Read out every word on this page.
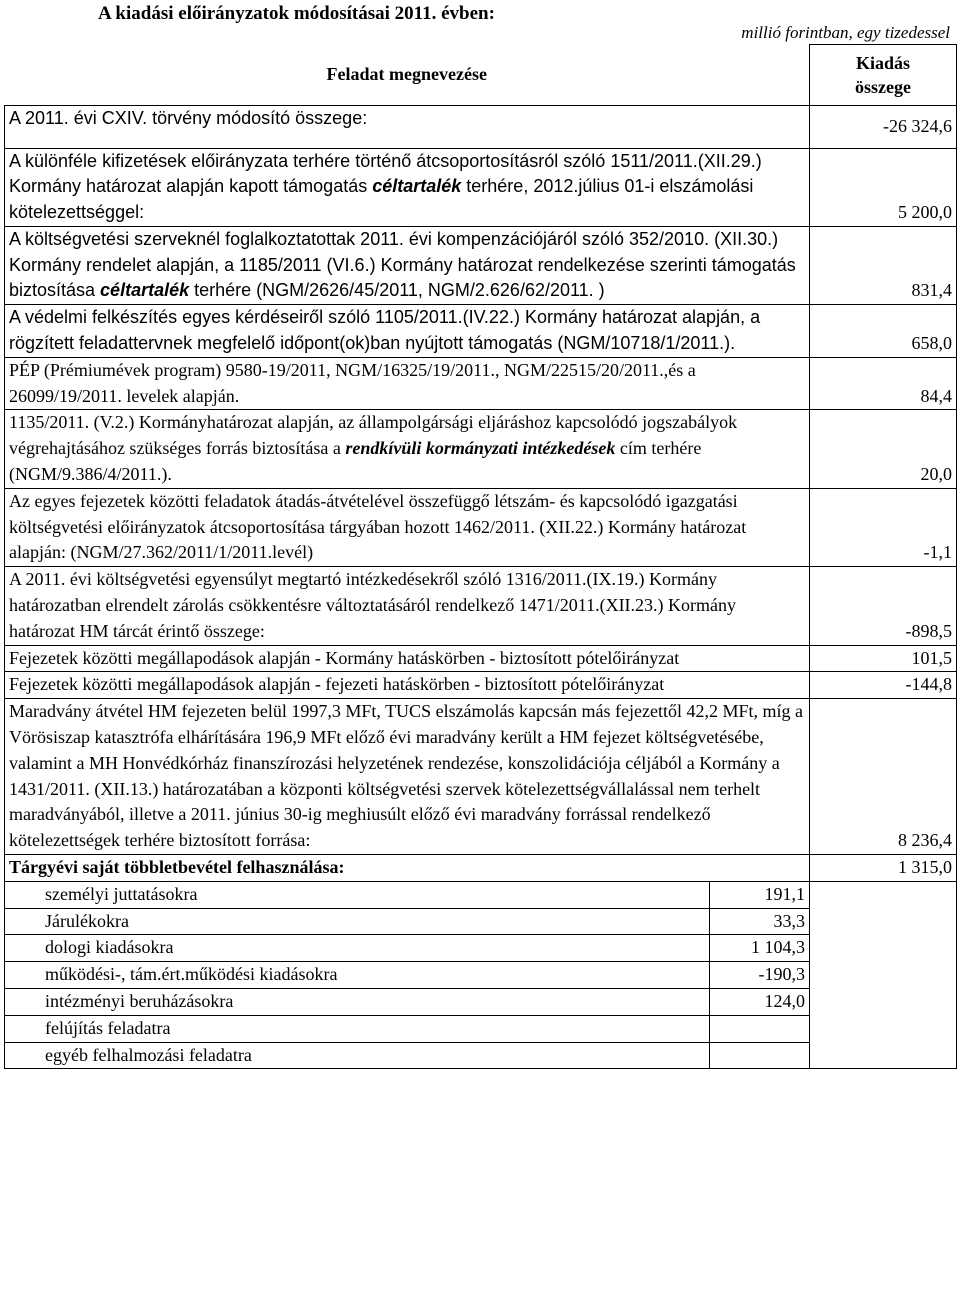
A kiadási előirányzatok módosításai 2011. évben:
millió forintban, egy tizedessel
Feladat megnevezése		Kiadás
összege
A 2011. évi CXIV. törvény módosító összege:		-26 324,6
A különféle kifizetések előirányzata terhére történő átcsoportosításról szóló 1511/2011.(XII.29.) Kormány határozat alapján kapott támogatás céltartalék terhére, 2012.július 01-i elszámolási kötelezettséggel:		5 200,0
A költségvetési szerveknél foglalkoztatottak 2011. évi kompenzációjáról szóló 352/2010. (XII.30.) Kormány rendelet alapján, a 1185/2011 (VI.6.) Kormány határozat rendelkezése szerinti támogatás biztosítása céltartalék terhére (NGM/2626/45/2011, NGM/2.626/62/2011. )		831,4
A védelmi felkészítés egyes kérdéseiről szóló 1105/2011.(IV.22.) Kormány határozat alapján, a rögzített feladattervnek megfelelő időpont(ok)ban nyújtott támogatás (NGM/10718/1/2011.).		658,0
PÉP (Prémiumévek program) 9580-19/2011, NGM/16325/19/2011., NGM/22515/20/2011.,és a 26099/19/2011. levelek alapján.		84,4
1135/2011. (V.2.) Kormányhatározat alapján, az állampolgársági eljáráshoz kapcsolódó jogszabályok végrehajtásához szükséges forrás biztosítása a rendkívüli kormányzati intézkedések cím terhére (NGM/9.386/4/2011.).		20,0
Az egyes fejezetek közötti feladatok átadás-átvételével összefüggő létszám- és kapcsolódó igazgatási költségvetési előirányzatok átcsoportosítása tárgyában hozott 1462/2011. (XII.22.) Kormány határozat alapján: (NGM/27.362/2011/1/2011.levél)		-1,1
A 2011. évi költségvetési egyensúlyt megtartó intézkedésekről szóló 1316/2011.(IX.19.) Kormány határozatban elrendelt zárolás csökkentésre változtatásáról rendelkező 1471/2011.(XII.23.) Kormány határozat HM tárcát érintő összege:		-898,5
Fejezetek közötti megállapodások alapján - Kormány hatáskörben - biztosított pótelőirányzat		101,5
Fejezetek közötti megállapodások alapján - fejezeti hatáskörben - biztosított pótelőirányzat		-144,8
Maradvány átvétel HM fejezeten belül 1997,3 MFt, TUCS elszámolás kapcsán más fejezettől 42,2 MFt, míg a Vörösiszap katasztrófa elhárítására 196,9 MFt előző évi maradvány került a HM fejezet költségvetésébe, valamint a MH Honvédkórház finanszírozási helyzetének rendezése, konszolidációja céljából a Kormány a 1431/2011. (XII.13.) határozatában a központi költségvetési szervek kötelezettségvállalással nem terhelt maradványából, illetve a 2011. június 30-ig meghiusúlt előző évi maradvány forrással rendelkező kötelezettségek terhére biztosított forrása:		8 236,4
Tárgyévi saját többletbevétel felhasználása:		1 315,0
személyi juttatásokra	191,1	
Járulékokra	33,3	
dologi kiadásokra	1 104,3	
működési-, tám.ért.működési kiadásokra	-190,3	
intézményi beruházásokra	124,0	
felújítás feladatra		
egyéb felhalmozási feladatra		
